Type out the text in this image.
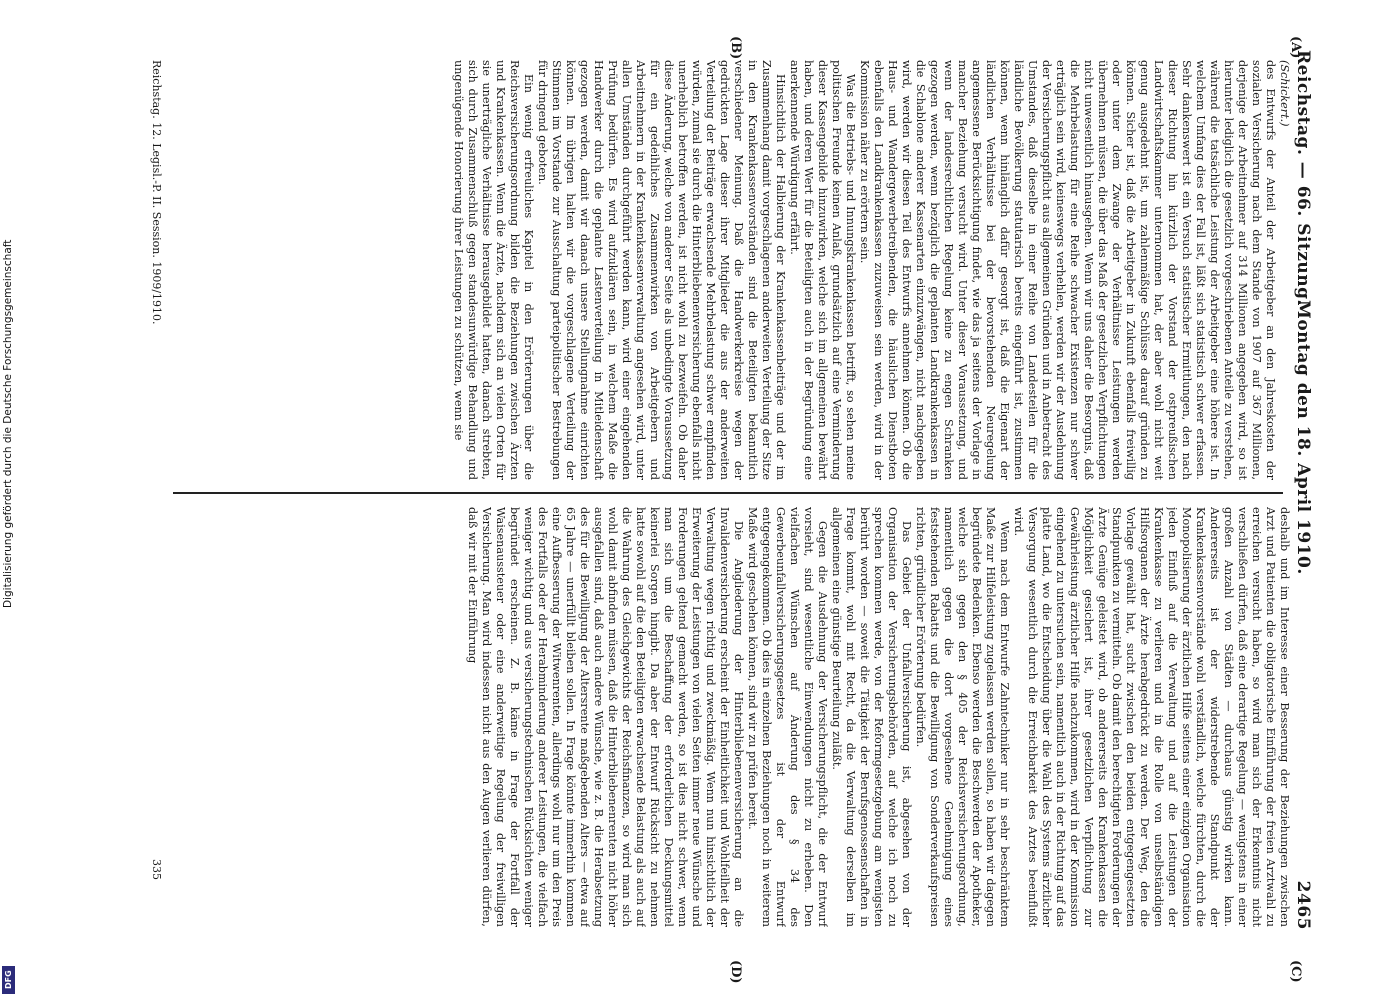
Reichstag. — 66. Sitzung.
Montag den 18. April 1910.
2465
(A)
(B)
(C)
(D)

(Schickert.)

des Entwurfs der Anteil der Arbeitgeber an den Jahreskosten der sozialen Versicherung nach dem Stande von 1907 auf 367 Millionen, derjenige der Arbeitnehmer auf 314 Millionen angegeben wird, so ist hierunter lediglich die gesetzlich vorgeschriebenen Anteile zu verstehen, während die tatsächliche Leistung der Arbeitgeber eine höhere ist. In welchem Umfang dies der Fall ist, läßt sich statistisch schwer erfassen. Sehr dankenswert ist ein Versuch statistischer Ermittlungen, den nach dieser Richtung hin kürzlich der Vorstand der ostpreußischen Landwirtschaftskammer unternommen hat, der aber wohl nicht weit genug ausgedehnt ist, um zahlenmäßige Schlüsse darauf gründen zu können. Sicher ist, daß die Arbeitgeber in Zukunft ebenfalls freiwillig oder unter dem Zwange der Verhältnisse Leistungen werden übernehmen müssen, die über das Maß der gesetzlichen Verpflichtungen nicht unwesentlich hinausgehen. Wenn wir uns daher die Besorgnis, daß die Mehrbelastung für eine Reihe schwacher Existenzen nur schwer erträglich sein wird, keineswegs verhehlen, werden wir der Ausdehnung der Versicherungspflicht aus allgemeinen Gründen und in Anbetracht des Umstandes, daß dieselbe in einer Reihe von Landesteilen für die ländliche Bevölkerung statutarisch bereits eingeführt ist, zustimmen können, wenn hinlänglich dafür gesorgt ist, daß die Eigenart der ländlichen Verhältnisse bei der bevorstehenden Neuregelung angemessene Berücksichtigung findet, wie das ja seitens der Vorlage in mancher Beziehung versucht wird. Unter dieser Voraussetzung, und wenn der landesrechtlichen Regelung keine zu engen Schranken gezogen werden, wenn bezüglich die geplanten Landkrankenkassen in die Schablone anderer Kassenarten einzuzwängen, nicht nachgegeben wird, werden wir diesen Teil des Entwurfs annehmen können. Ob die Haus- und Wandergewerbetreibenden, die häuslichen Dienstboten ebenfalls den Landkrankenkassen zuzuweisen sein werden, wird in der Kommission näher zu erörtern sein.

Was die Betriebs- und Innungskrankenkassen betrifft, so sehen meine politischen Freunde keinen Anlaß, grundsätzlich auf eine Verminderung dieser Kassengebilde hinzuwirken, welche sich im allgemeinen bewährt haben, und deren Wert für die Beteiligten auch in der Begründung eine anerkennende Würdigung erfährt.

Hinsichtlich der Halbierung der Krankenkassenbeiträge und der im Zusammenhang damit vorgeschlagenen anderweiten Verteilung der Sitze in den Krankenkassenvorständen sind die Beteiligten bekanntlich verschiedener Meinung. Daß die Handwerkerkreise wegen der gedrückten Lage dieser ihrer Mitglieder die aus der anderweiten Verteilung der Beiträge erwachsende Mehrbelastung schwer empfinden würden, zumal sie durch die Hinterbliebenenversicherung ebenfalls nicht unerheblich betroffen werden, ist nicht wohl zu bezweifeln. Ob daher diese Änderung, welche von anderer Seite als unbedingte Voraussetzung für ein gedeihliches Zusammenwirken von Arbeitgebern und Arbeitnehmern in der Krankenkassenverwaltung angesehen wird, unter allen Umständen durchgeführt werden kann, wird einer eingehenden Prüfung bedürfen. Es wird aufzuklären sein, in welchem Maße die Handwerker durch die geplante Lastenverteilung in Mitleidenschaft gezogen werden, damit wir danach unsere Stellungnahme einrichten können. Im übrigen halten wir die vorgeschlagene Verteilung der Stimmen im Vorstande zur Ausschaltung parteipolitischer Bestrebungen für dringend geboten.

Ein wenig erfreuliches Kapitel in den Erörterungen über die Reichsversicherungsordnung bilden die Beziehungen zwischen Ärzten und Krankenkassen. Wenn die Ärzte, nachdem sich an vielen Orten für sie unerträgliche Verhältnisse herausgebildet hatten, danach strebten, sich durch Zusammenschluß gegen standesunwürdige Behandlung und ungenügende Honorierung ihrer Leistungen zu schützen, wenn sie

deshalb und im Interesse einer Besserung der Beziehungen zwischen Arzt und Patienten die obligatorische Einführung der freien Arztwahl zu erreichen versucht haben, so wird man sich der Erkenntnis nicht verschließen dürfen, daß eine derartige Regelung — wenigstens in einer großen Anzahl von Städten — durchaus günstig wirken kann. Andererseits ist der widerstrebende Standpunkt der Krankenkassenvorstände wohl verständlich, welche fürchten, durch die Monopolisierung der ärztlichen Hilfe seitens einer einzigen Organisation jeden Einfluß auf die Verwaltung und auf die Leistungen der Krankenkasse zu verlieren und in die Rolle von unselbständigen Hilfsorganen der Ärzte herabgedrückt zu werden. Der Weg, den die Vorlage gewählt hat, sucht zwischen den beiden entgegengesetzten Standpunkten zu vermitteln. Ob damit den berechtigten Forderungen der Ärzte Genüge geleistet wird, ob andererseits den Krankenkassen die Möglichkeit gesichert ist, ihrer gesetzlichen Verpflichtung zur Gewährleistung ärztlicher Hilfe nachzukommen, wird in der Kommission eingehend zu untersuchen sein, namentlich auch in der Richtung auf das platte Land, wo die Entscheidung über die Wahl des Systems ärztlicher Versorgung wesentlich durch die Erreichbarkeit des Arztes beeinflußt wird.

Wenn nach dem Entwurfe Zahntechniker nur in sehr beschränktem Maße zur Hilfeleistung zugelassen werden sollen, so haben wir dagegen begründete Bedenken. Ebenso werden die Beschwerden der Apotheker, welche sich gegen den § 405 der Reichsversicherungsordnung, namentlich gegen die dort vorgesehene Genehmigung eines feststehenden Rabatts und die Bewilligung von Sonderverkaufspreisen richten, gründlicher Erörterung bedürfen.

Das Gebiet der Unfallversicherung ist, abgesehen von der Organisation der Versicherungsbehörden, auf welche ich noch zu sprechen kommen werde, von der Reformgesetzgebung am wenigsten berührt worden — soweit die Tätigkeit der Berufsgenossenschaften in Frage kommt, wohl mit Recht, da die Verwaltung derselben im allgemeinen eine günstige Beurteilung zuläßt.

Gegen die Ausdehnung der Versicherungspflicht, die der Entwurf vorsieht, sind wesentliche Einwendungen nicht zu erheben. Den vielfachen Wünschen auf Änderung des § 34 des Gewerbeunfallversicherungsgesetzes ist der Entwurf entgegengekommen. Ob dies in einzelnen Beziehungen noch in weiterem Maße wird geschehen können, sind wir zu prüfen bereit.

Die Angliederung der Hinterbliebenenversicherung an die Invalidenversicherung erscheint der Einheitlichkeit und Wohlfeilheit der Verwaltung wegen richtig und zweckmäßig. Wenn nun hinsichtlich der Erweiterung der Leistungen von vielen Seiten immer neue Wünsche und Forderungen geltend gemacht werden, so ist dies nicht schwer, wenn man sich um die Beschaffung der erforderlichen Deckungsmittel keinerlei Sorgen hingibt. Da aber der Entwurf Rücksicht zu nehmen hatte sowohl auf die den Beteiligten erwachsende Belastung als auch auf die Wahrung des Gleichgewichts der Reichsfinanzen, so wird man sich wohl damit abfinden müssen, daß die Hinterbliebenenrenten nicht höher ausgefallen sind, daß auch andere Wünsche, wie z. B. die Herabsetzung des für die Bewilligung der Altersrente maßgebenden Alters — etwa auf 65 Jahre — unerfüllt bleiben sollen. In Frage könnte immerhin kommen eine Aufbesserung der Witwenrenten, allerdings wohl nur um den Preis des Fortfalls oder der Herabminderung anderer Leistungen, die vielfach weniger wichtig und aus versicherungstechnischen Rücksichten weniger begründet erscheinen. Z. B. käme in Frage der Fortfall der Waisenaussteuer oder eine anderweitige Regelung der freiwilligen Versicherung. Man wird indessen nicht aus den Augen verlieren dürfen, daß wir mit der Einführung

Reichstag. 12. Legisl.-P. II. Session. 1909/1910.
335
Digitalisierung gefördert durch die Deutsche Forschungsgemeinschaft
DFG
